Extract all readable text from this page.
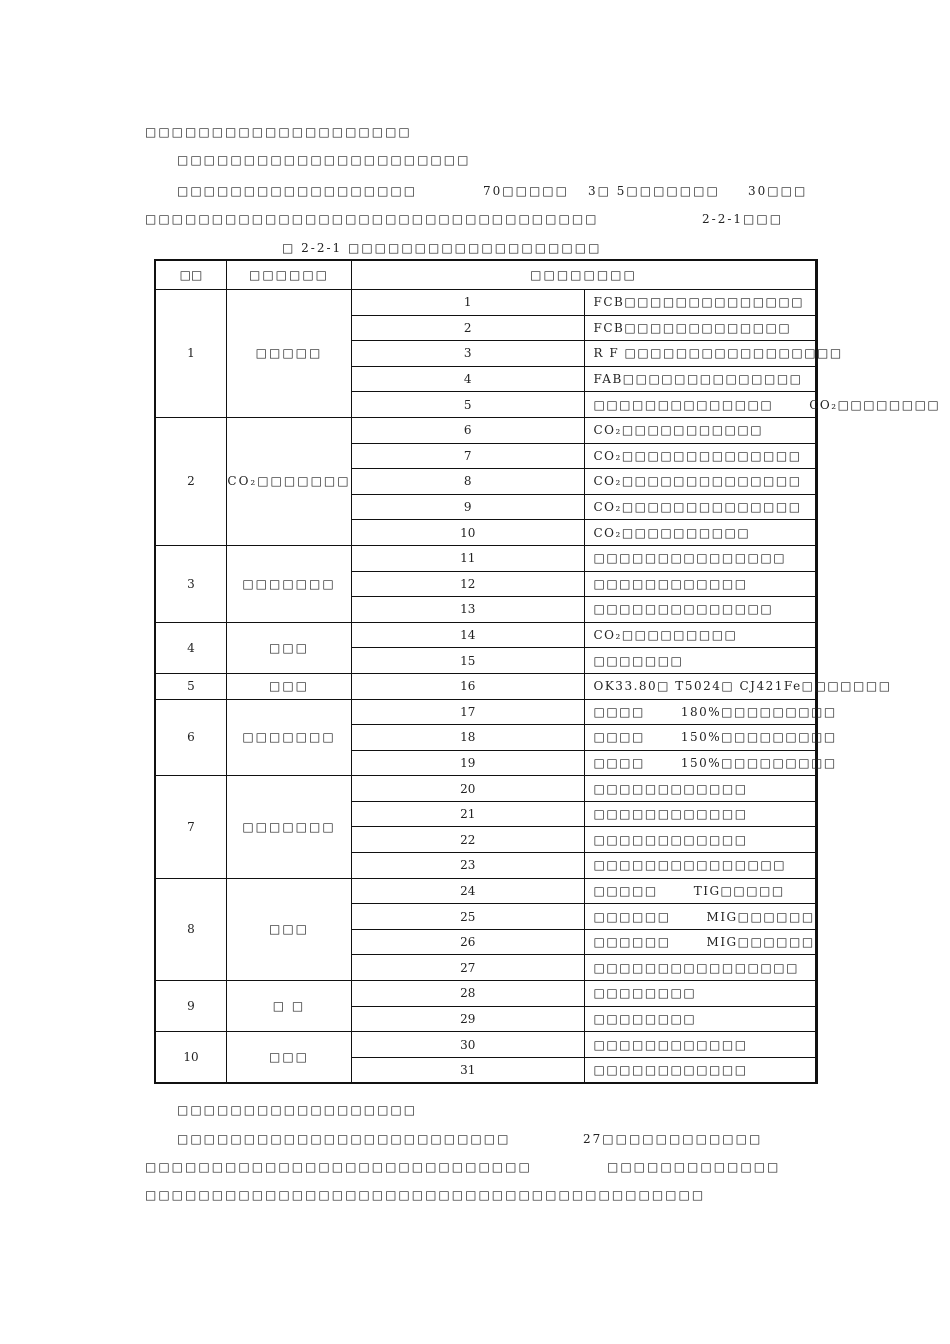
□□□□□□□□□□□□□□□□□□□□
□□□□□□□□□□□□□□□□□□□□□□
□□□□□□□□□□□□□□□□□□	70□□□□□ 3□ 5□□□□□□□ 30□□□
□□□□□□□□□□□□□□□□□□□□□□□□□□□□□□□□□□	2-2-1□□□
□ 2-2-1 □□□□□□□□□□□□□□□□□□□
□□	□□□□□□	□□□□□□□□	
1	□□□□□	1	FCB□□□□□□□□□□□□□□
		2	FCB□□□□□□□□□□□□□
		3	R F □□□□□□□□□□□□□□□□□
		4	FAB□□□□□□□□□□□□□□
		5	□□□□□□□□□□□□□□ CO₂□□□□□□□□
2	CO₂□□□□□□□	6	CO₂□□□□□□□□□□□
		7	CO₂□□□□□□□□□□□□□□
		8	CO₂□□□□□□□□□□□□□□
		9	CO₂□□□□□□□□□□□□□□
		10	CO₂□□□□□□□□□□
3	□□□□□□□	11	□□□□□□□□□□□□□□□
		12	□□□□□□□□□□□□
		13	□□□□□□□□□□□□□□
4	□□□	14	CO₂□□□□□□□□□
		15	□□□□□□□
5	□□□	16	OK33.80□ T5024□ CJ421Fe□□□□□□□
6	□□□□□□□	17	□□□□ 180%□□□□□□□□□
		18	□□□□ 150%□□□□□□□□□
		19	□□□□ 150%□□□□□□□□□
7	□□□□□□□	20	□□□□□□□□□□□□
		21	□□□□□□□□□□□□
		22	□□□□□□□□□□□□
		23	□□□□□□□□□□□□□□□
8	□□□	24	□□□□□ TIG□□□□□
		25	□□□□□□ MIG□□□□□□
		26	□□□□□□ MIG□□□□□□
		27	□□□□□□□□□□□□□□□□
9	□ □	28	□□□□□□□□
		29	□□□□□□□□
10	□□□	30	□□□□□□□□□□□□
		31	□□□□□□□□□□□□
□□□□□□□□□□□□□□□□□□
□□□□□□□□□□□□□□□□□□□□□□□□□	27□□□□□□□□□□□□
□□□□□□□□□□□□□□□□□□□□□□□□□□□□□	□□□□□□□□□□□□□
□□□□□□□□□□□□□□□□□□□□□□□□□□□□□□□□□□□□□□□□□□
